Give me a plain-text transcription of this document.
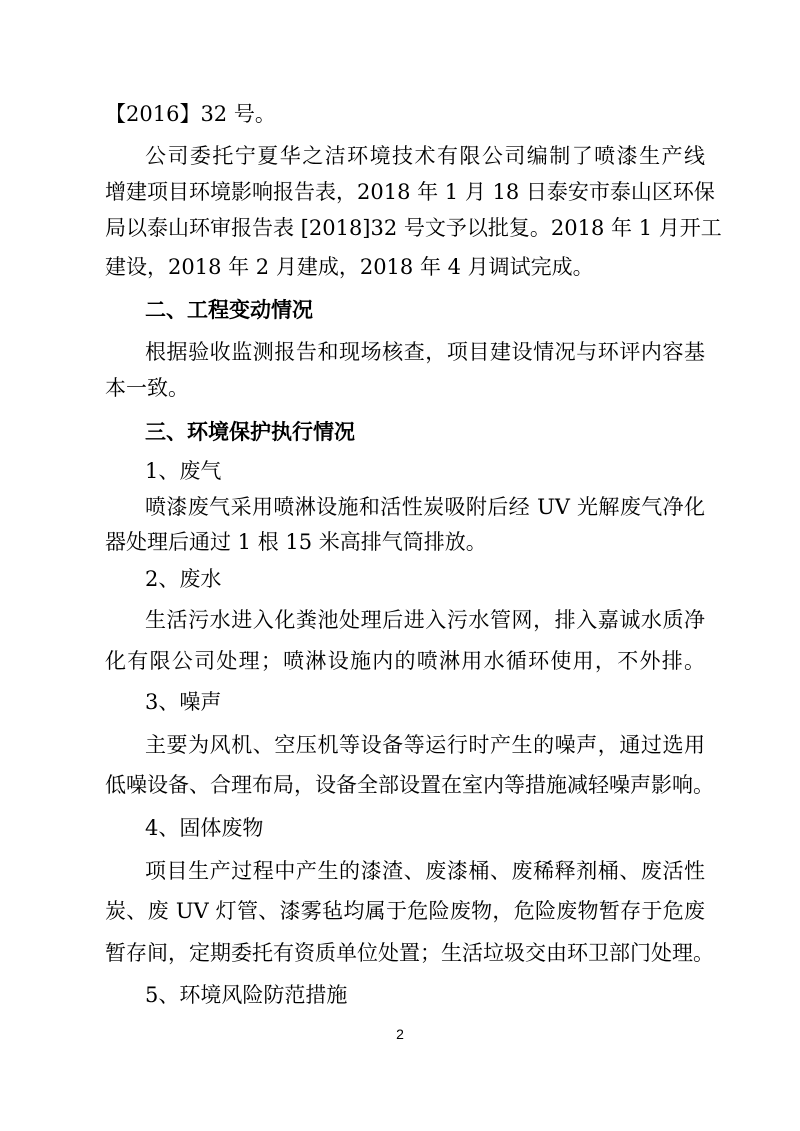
【2016】32 号。
公司委托宁夏华之洁环境技术有限公司编制了喷漆生产线
增建项目环境影响报告表，2018 年 1 月 18 日泰安市泰山区环保
局以泰山环审报告表 [2018]32 号文予以批复。2018 年 1 月开工
建设，2018 年 2 月建成，2018 年 4 月调试完成。
二、工程变动情况
根据验收监测报告和现场核查，项目建设情况与环评内容基
本一致。
三、环境保护执行情况
1、废气
喷漆废气采用喷淋设施和活性炭吸附后经 UV 光解废气净化
器处理后通过 1 根 15 米高排气筒排放。
2、废水
生活污水进入化粪池处理后进入污水管网，排入嘉诚水质净
化有限公司处理；喷淋设施内的喷淋用水循环使用，不外排。
3、噪声
主要为风机、空压机等设备等运行时产生的噪声，通过选用
低噪设备、合理布局，设备全部设置在室内等措施减轻噪声影响。
4、固体废物
项目生产过程中产生的漆渣、废漆桶、废稀释剂桶、废活性
炭、废 UV 灯管、漆雾毡均属于危险废物，危险废物暂存于危废
暂存间，定期委托有资质单位处置；生活垃圾交由环卫部门处理。
5、环境风险防范措施
2
